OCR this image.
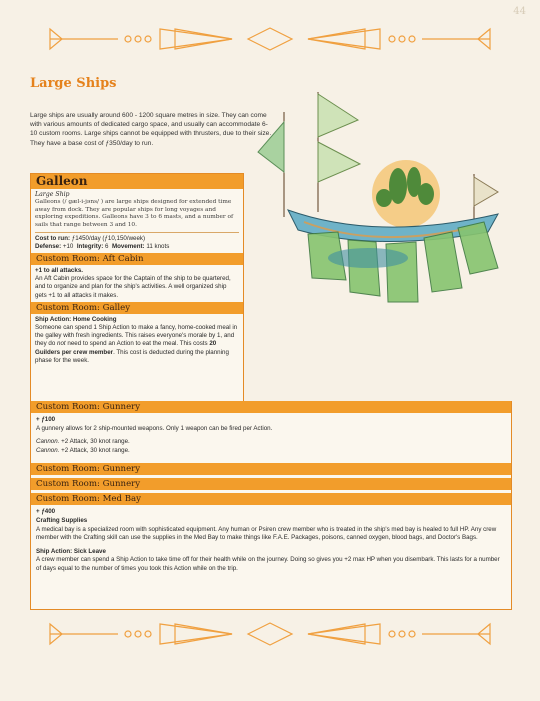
44
Large Ships

Large ships are usually around 600 - 1200 square metres in size. They can come with various amounts of dedicated cargo space, and usually can accommodate 6-10 custom rooms. Large ships cannot be equipped with thrusters, due to their size. They have a base cost of ƒ350/day to run.

Galleon
Large Ship
Galleons (/ ɡæl-i-jəns/ ) are large ships designed for extended time away from dock. They are popular ships for long voyages and exploring expeditions. Galleons have 3 to 6 masts, and a number of sails that range between 3 and 10.
Cost to run: ƒ1450/day (ƒ10,150/week)
Defense: +10 Integrity: 6 Movement: 11 knots
Custom Room: Aft Cabin
+1 to all attacks.
An Aft Cabin provides space for the Captain of the ship to be quartered, and to organize and plan for the ship's activities. A well organized ship gets +1 to all attacks it makes.
Custom Room: Galley
Ship Action: Home Cooking
Someone can spend 1 Ship Action to make a fancy, home-cooked meal in the galley with fresh ingredients. This raises everyone's morale by 1, and they do not need to spend an Action to eat the meal. This costs 20 Guilders per crew member. This cost is deducted during the planning phase for the week.
Custom Room: Gunnery
+ ƒ100
A gunnery allows for 2 ship-mounted weapons. Only 1 weapon can be fired per Action.
Cannon. +2 Attack, 30 knot range.
Cannon. +2 Attack, 30 knot range.
Custom Room: Gunnery
Custom Room: Gunnery
Custom Room: Med Bay
+ ƒ400
Crafting Supplies
A medical bay is a specialized room with sophisticated equipment. Any human or Psiren crew member who is treated in the ship's med bay is healed to full HP. Any crew member with the Crafting skill can use the supplies in the Med Bay to make things like F.A.E. Packages, poisons, canned oxygen, blood bags, and Doctor's Bags.
Ship Action: Sick Leave
A crew member can spend a Ship Action to take time off for their health while on the journey. Doing so gives you +2 max HP when you disembark. This lasts for a number of days equal to the number of times you took this Action while on the trip.
